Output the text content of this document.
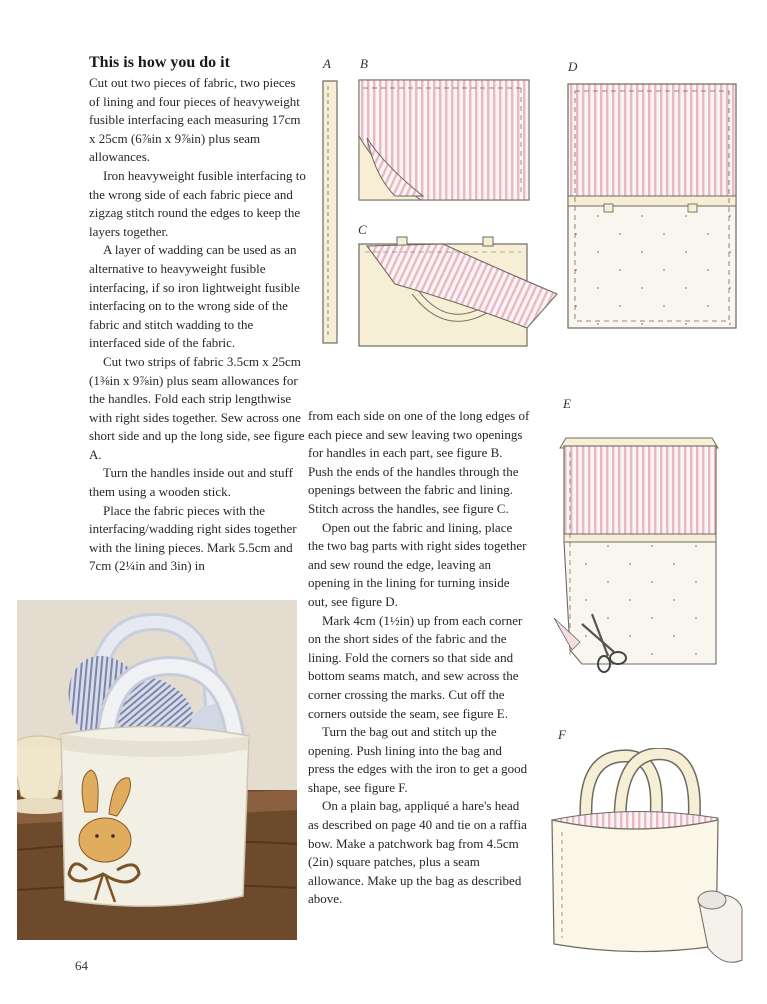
This is how you do it

Cut out two pieces of fabric, two pieces of lining and four pieces of heavyweight fusible interfacing each measuring 17cm x 25cm (6⅞in x 9⅞in) plus seam allowances.

Iron heavyweight fusible interfacing to the wrong side of each fabric piece and zigzag stitch round the edges to keep the layers together.

A layer of wadding can be used as an alternative to heavyweight fusible interfacing, if so iron lightweight fusible interfacing on to the wrong side of the fabric and stitch wadding to the interfaced side of the fabric.

Cut two strips of fabric 3.5cm x 25cm (1⅜in x 9⅞in) plus seam allowances for the handles. Fold each strip lengthwise with right sides together. Sew across one short side and up the long side, see figure A.

Turn the handles inside out and stuff them using a wooden stick.

Place the fabric pieces with the interfacing/wadding right sides together with the lining pieces. Mark 5.5cm and 7cm (2¼in and 3in) in

from each side on one of the long edges of each piece and sew leaving two openings for handles in each part, see figure B. Push the ends of the handles through the openings between the fabric and lining. Stitch across the handles, see figure C.

Open out the fabric and lining, place the two bag parts with right sides together and sew round the edge, leaving an opening in the lining for turning inside out, see figure D.

Mark 4cm (1½in) up from each corner on the short sides of the fabric and the lining. Fold the corners so that side and bottom seams match, and sew across the corner crossing the marks. Cut off the corners outside the seam, see figure E.

Turn the bag out and stitch up the opening. Push lining into the bag and press the edges with the iron to get a good shape, see figure F.

On a plain bag, appliqué a hare's head as described on page 40 and tie on a raffia bow. Make a patchwork bag from 4.5cm (2in) square patches, plus a seam allowance. Make up the bag as described above.

A B
C
D
E
F
64
